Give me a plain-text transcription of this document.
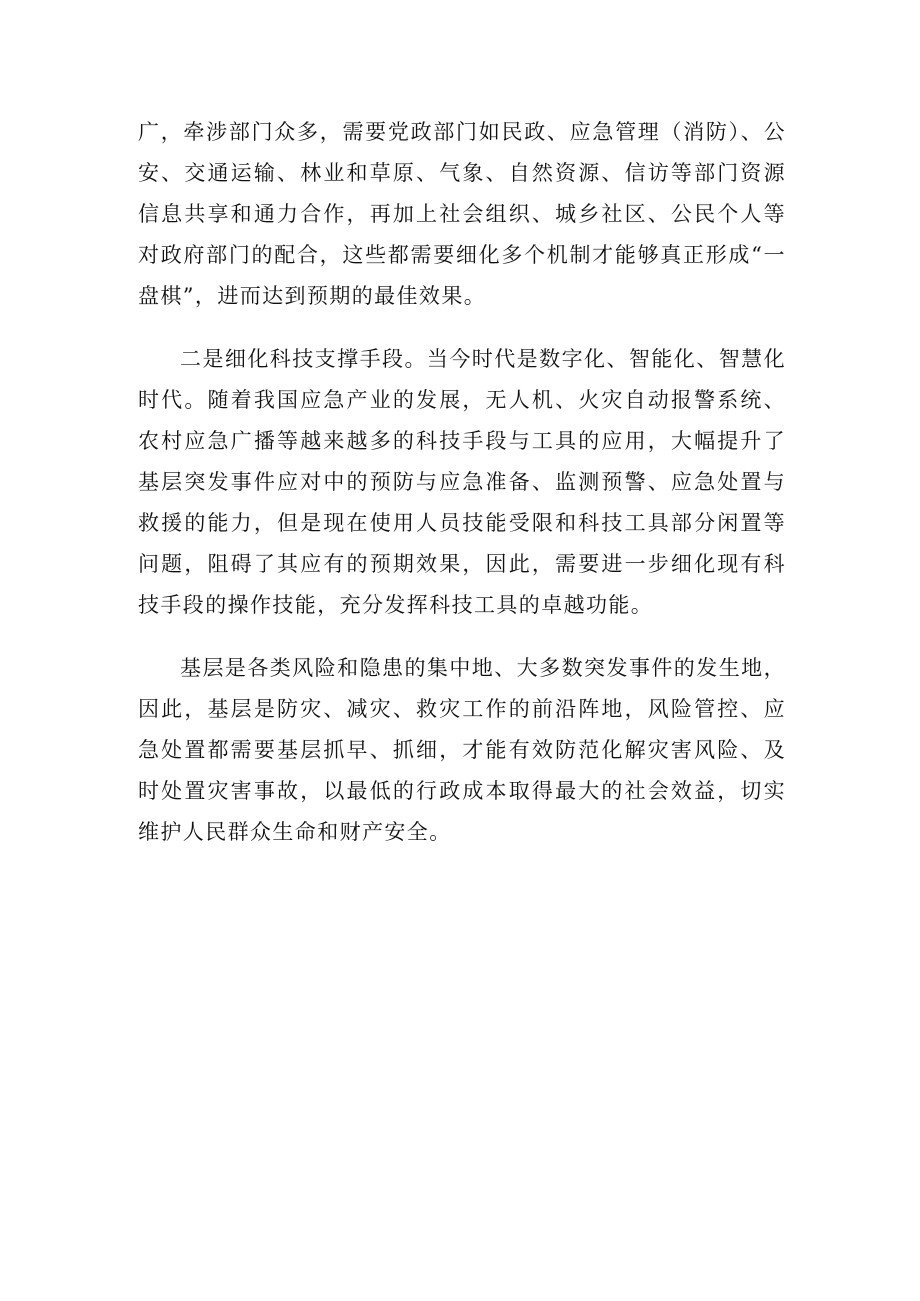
广，牵涉部门众多，需要党政部门如民政、应急管理（消防）、公安、交通运输、林业和草原、气象、自然资源、信访等部门资源信息共享和通力合作，再加上社会组织、城乡社区、公民个人等对政府部门的配合，这些都需要细化多个机制才能够真正形成“一盘棋”，进而达到预期的最佳效果。

二是细化科技支撑手段。当今时代是数字化、智能化、智慧化时代。随着我国应急产业的发展，无人机、火灾自动报警系统、农村应急广播等越来越多的科技手段与工具的应用，大幅提升了基层突发事件应对中的预防与应急准备、监测预警、应急处置与救援的能力，但是现在使用人员技能受限和科技工具部分闲置等问题，阻碍了其应有的预期效果，因此，需要进一步细化现有科技手段的操作技能，充分发挥科技工具的卓越功能。

基层是各类风险和隐患的集中地、大多数突发事件的发生地，因此，基层是防灾、减灾、救灾工作的前沿阵地，风险管控、应急处置都需要基层抓早、抓细，才能有效防范化解灾害风险、及时处置灾害事故，以最低的行政成本取得最大的社会效益，切实维护人民群众生命和财产安全。
